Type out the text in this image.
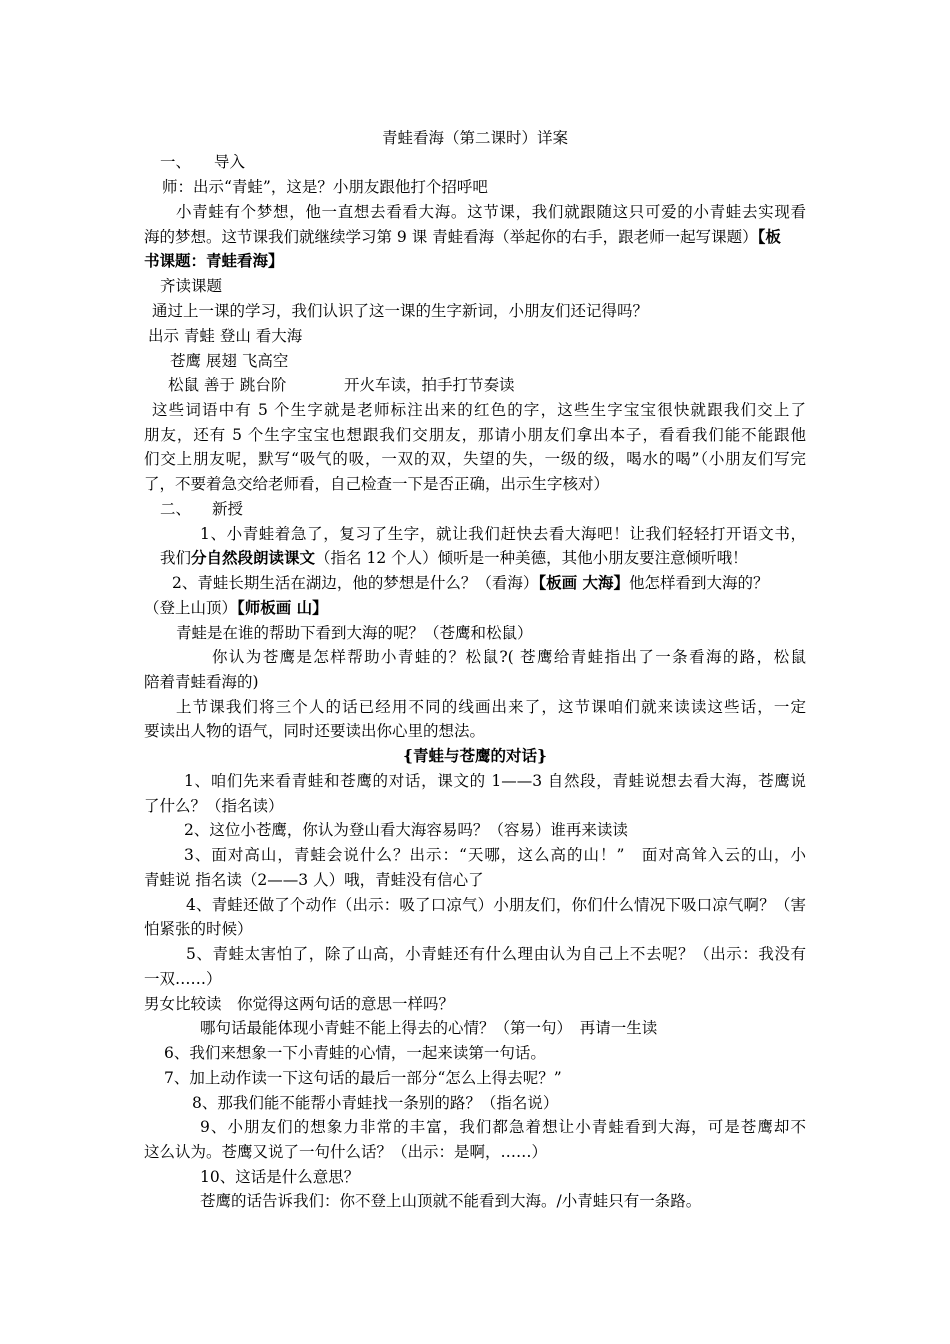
青蛙看海（第二课时）详案

一、 导入

师：出示“青蛙”，这是？小朋友跟他打个招呼吧

小青蛙有个梦想，他一直想去看看大海。这节课，我们就跟随这只可爱的小青蛙去实现看

海的梦想。这节课我们就继续学习第 9 课 青蛙看海（举起你的右手，跟老师一起写课题）【板

书课题：青蛙看海】

齐读课题

通过上一课的学习，我们认识了这一课的生字新词，小朋友们还记得吗？

出示 青蛙 登山 看大海

苍鹰 展翅 飞高空

松鼠 善于 跳台阶	开火车读，拍手打节奏读

这些词语中有 5 个生字就是老师标注出来的红色的字，这些生字宝宝很快就跟我们交上了

朋友，还有 5 个生字宝宝也想跟我们交朋友，那请小朋友们拿出本子，看看我们能不能跟他

们交上朋友呢，默写“吸气的吸，一双的双，失望的失，一级的级，喝水的喝”（小朋友们写完

了，不要着急交给老师看，自己检查一下是否正确，出示生字核对）

二、 新授

1、小青蛙着急了，复习了生字，就让我们赶快去看大海吧！让我们轻轻打开语文书，

我们分自然段朗读课文（指名 12 个人）倾听是一种美德，其他小朋友要注意倾听哦！

2、青蛙长期生活在湖边，他的梦想是什么？（看海）【板画 大海】他怎样看到大海的？

（登上山顶）【师板画 山】

青蛙是在谁的帮助下看到大海的呢？（苍鹰和松鼠）

你认为苍鹰是怎样帮助小青蛙的？松鼠?( 苍鹰给青蛙指出了一条看海的路，松鼠

陪着青蛙看海的)

上节课我们将三个人的话已经用不同的线画出来了，这节课咱们就来读读这些话，一定

要读出人物的语气，同时还要读出你心里的想法。

{青蛙与苍鹰的对话}

1、咱们先来看青蛙和苍鹰的对话，课文的 1——3 自然段，青蛙说想去看大海，苍鹰说

了什么？（指名读）

2、这位小苍鹰，你认为登山看大海容易吗？（容易）谁再来读读

3、面对高山，青蛙会说什么？出示：“天哪，这么高的山！”　面对高耸入云的山，小

青蛙说 指名读（2——3 人）哦，青蛙没有信心了

4、青蛙还做了个动作（出示：吸了口凉气）小朋友们，你们什么情况下吸口凉气啊？（害

怕紧张的时候）

5、青蛙太害怕了，除了山高，小青蛙还有什么理由认为自己上不去呢？（出示：我没有

一双……）

男女比较读　你觉得这两句话的意思一样吗？

哪句话最能体现小青蛙不能上得去的心情？（第一句）　再请一生读

6、我们来想象一下小青蛙的心情，一起来读第一句话。

7、加上动作读一下这句话的最后一部分“怎么上得去呢？”

8、那我们能不能帮小青蛙找一条别的路？（指名说）

9、小朋友们的想象力非常的丰富，我们都急着想让小青蛙看到大海，可是苍鹰却不

这么认为。苍鹰又说了一句什么话？（出示：是啊，……）

10、这话是什么意思？

苍鹰的话告诉我们：你不登上山顶就不能看到大海。/小青蛙只有一条路。
